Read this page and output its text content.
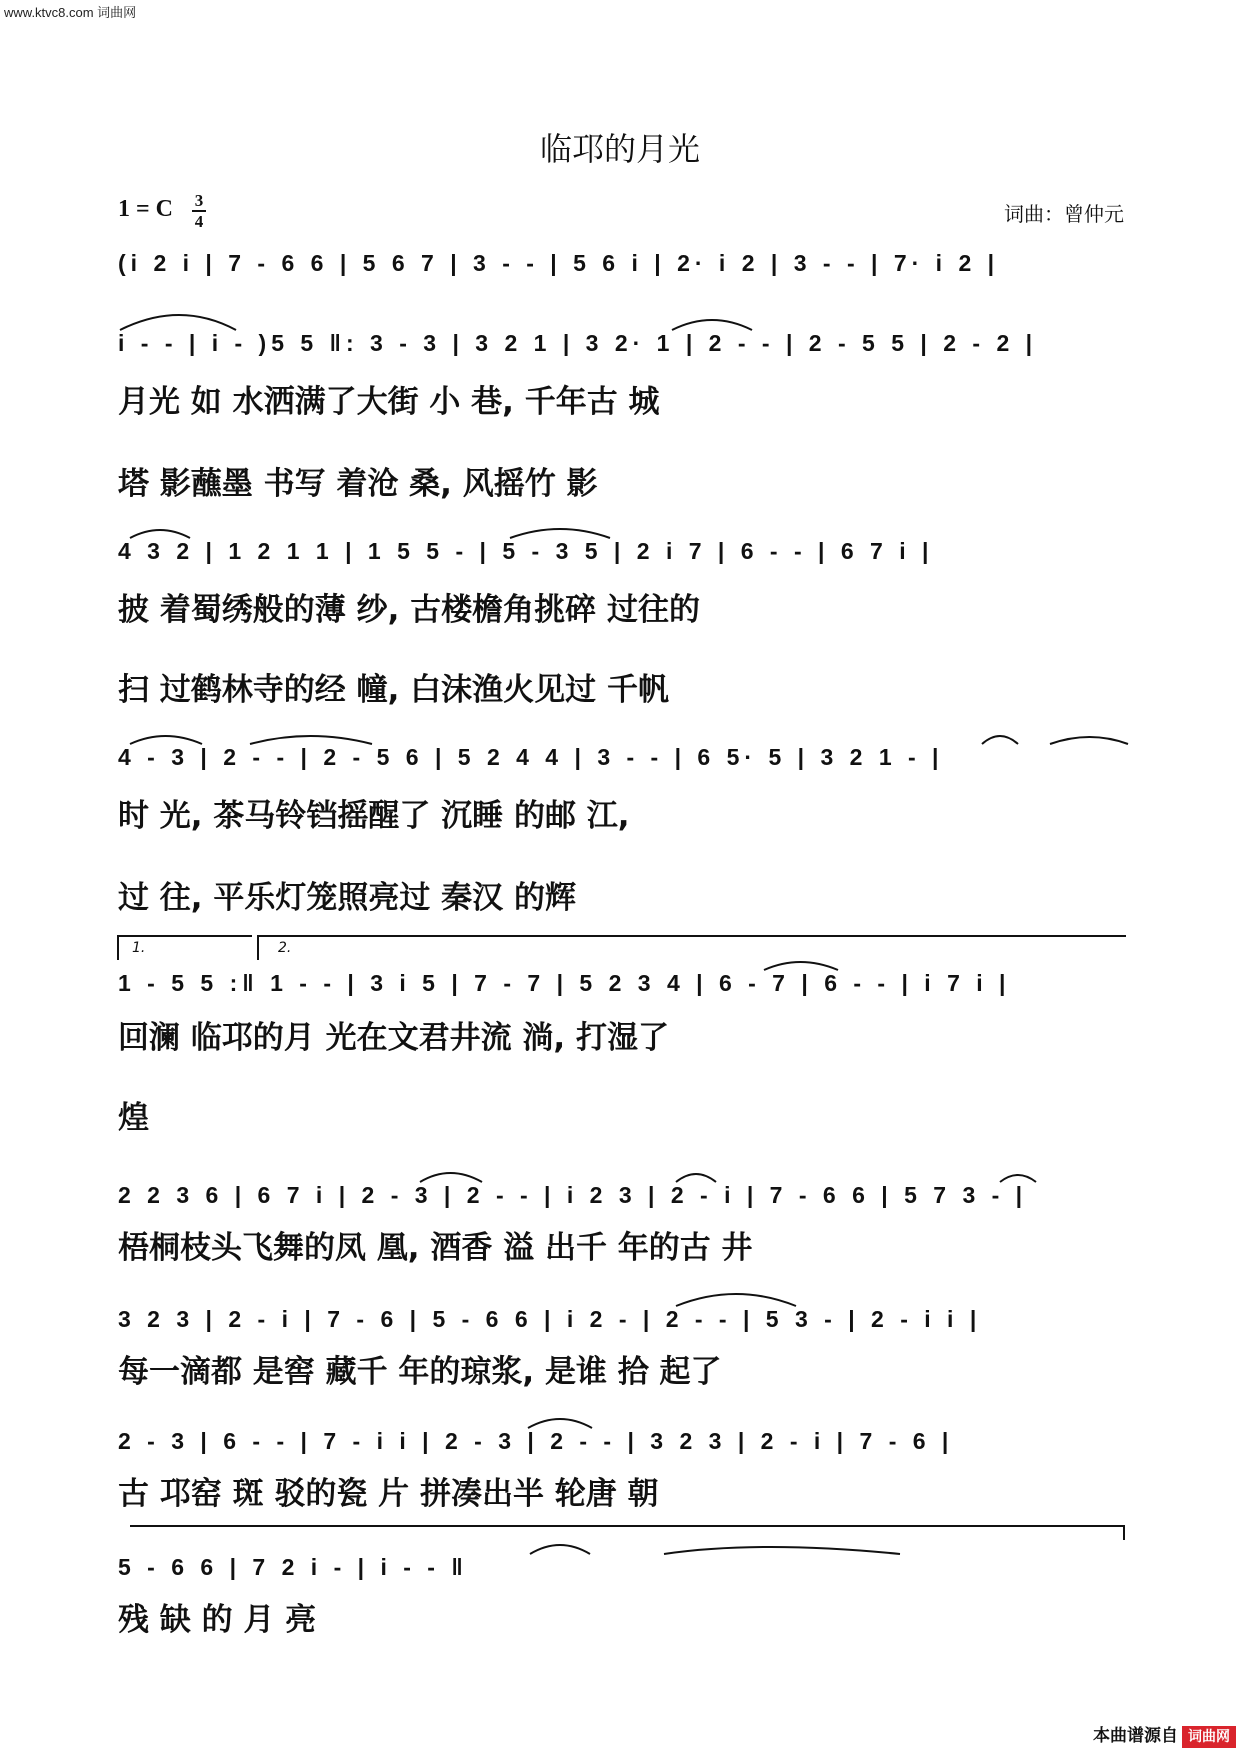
www.ktvc8.com 词曲网
临邛的月光
1 = C 3
4	词曲：曾仲元
(i 2 i | 7 - 6 6 | 5 6 7 | 3 - - | 5 6 i | 2· i 2 | 3 - - | 7· i 2 |
i - - | i - )5 5 ‖: 3 - 3 | 3 2 1 | 3 2· 1 | 2 - - | 2 - 5 5 | 2 - 2 |
月光 如 水洒满了大街 小 巷, 千年古 城
塔 影蘸墨 书写 着沧 桑, 风摇竹 影
4 3 2 | 1 2 1 1 | 1 5 5 - | 5 - 3 5 | 2 i 7 | 6 - - | 6 7 i |
披 着蜀绣般的薄 纱, 古楼檐角挑碎 过往的
扫 过鹤林寺的经 幢, 白沫渔火见过 千帆
4 - 3 | 2 - - | 2 - 5 6 | 5 2 4 4 | 3 - - | 6 5· 5 | 3 2 1 - |
时 光, 茶马铃铛摇醒了 沉睡 的邮 江,
过 往, 平乐灯笼照亮过 秦汉 的辉
1.	2.
1 - 5 5 :‖ 1 - - | 3 i 5 | 7 - 7 | 5 2 3 4 | 6 - 7 | 6 - - | i 7 i |
回澜 临邛的月 光在文君井流 淌, 打湿了
煌
2 2 3 6 | 6 7 i | 2 - 3 | 2 - - | i 2 3 | 2 - i | 7 - 6 6 | 5 7 3 - |
梧桐枝头飞舞的凤 凰, 酒香 溢 出千 年的古 井
3 2 3 | 2 - i | 7 - 6 | 5 - 6 6 | i 2 - | 2 - - | 5 3 - | 2 - i i |
每一滴都 是窖 藏千 年的琼浆, 是谁 拾 起了
2 - 3 | 6 - - | 7 - i i | 2 - 3 | 2 - - | 3 2 3 | 2 - i | 7 - 6 |
古 邛窑 斑 驳的瓷 片 拼凑出半 轮唐 朝
5 - 6 6 | 7 2 i - | i - - ‖
残 缺 的 月 亮
本曲谱源自 词曲网
